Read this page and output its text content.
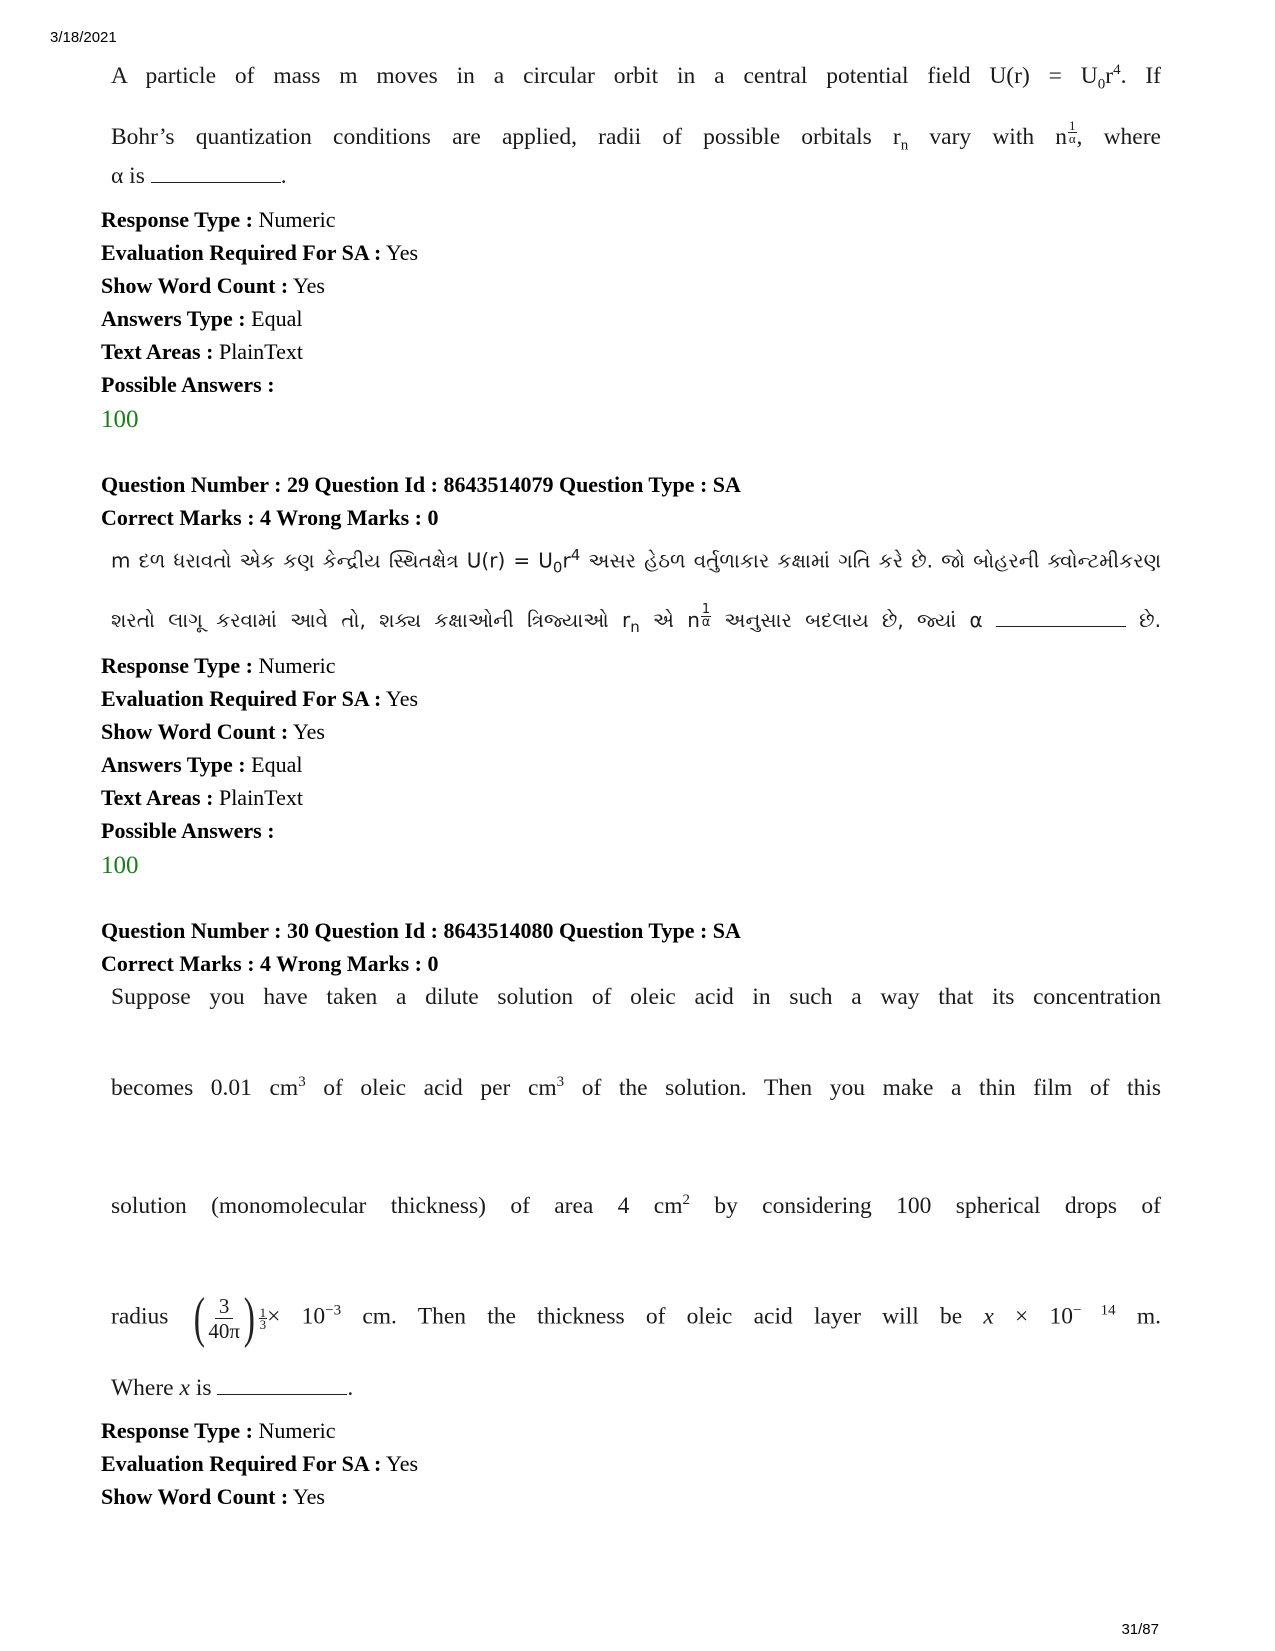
3/18/2021
A particle of mass m moves in a circular orbit in a central potential field $U(r) = U_0r^4$. If
Bohr’s quantization conditions are applied, radii of possible orbitals $r_n$ vary with n $\frac{1}{\alpha}$ , where
α is	.
Response Type : Numeric
Evaluation Required For SA : Yes
Show Word Count : Yes
Answers Type : Equal
Text Areas : PlainText
Possible Answers :
100
Question Number : 29 Question Id : 8643514079 Question Type : SA
Correct Marks : 4 Wrong Marks : 0
m દળ ધરાવતો એક કણ કેન્દ્રીય સ્થિતક્ષેત્ર $U(r) = U_0r^4$ અસર હેઠળ વર્તુળાકાર કક્ષામાં ગતિ કરે છે. જો બોહરની ક્વોન્ટમીકરણ
શરતો લાગૂ કરવામાં આવે તો, શક્ય કક્ષાઓની ત્રિજ્યાઓ $r_n$ એ n $\frac{1}{\alpha}$ અનુસાર બદલાય છે, જ્યાં α	છે.
Response Type : Numeric
Evaluation Required For SA : Yes
Show Word Count : Yes
Answers Type : Equal
Text Areas : PlainText
Possible Answers :
100
Question Number : 30 Question Id : 8643514080 Question Type : SA
Correct Marks : 4 Wrong Marks : 0
Suppose you have taken a dilute solution of oleic acid in such a way that its concentration
becomes 0.01 $cm^3$ of oleic acid per $cm^3$ of the solution. Then you make a thin film of this
solution (monomolecular thickness) of area 4 $cm^2$ by considering 100 spherical drops of
radius ( 3
40π ) 1
$3 \times 10^{-3}$ cm. Then the thickness of oleic acid layer will be $x \times 10^{- 14}$ m.
Where x is	.
Response Type : Numeric
Evaluation Required For SA : Yes
Show Word Count : Yes
31/87
